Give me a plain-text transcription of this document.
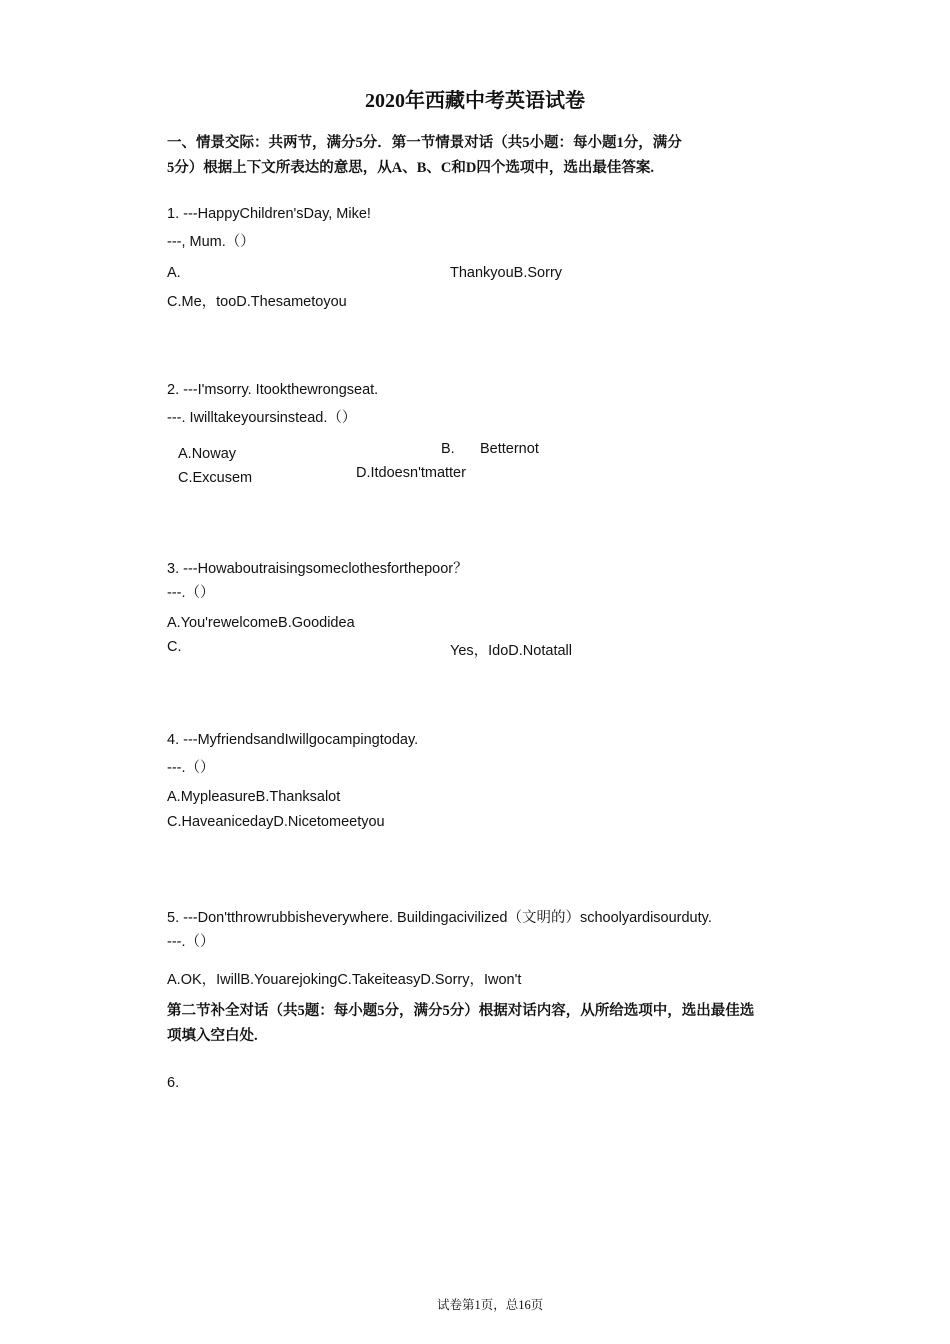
2020年西藏中考英语试卷
一、情景交际：共两节，满分5分．第一节情景对话（共5小题：每小题1分，满分
5分）根据上下文所表达的意思，从A、B、C和D四个选项中，选出最佳答案.
1. ---HappyChildren'sDay, Mike!
---, Mum.（）
A.	ThankyouB.Sorry
C.Me，tooD.Thesametoyou
2. ---I'msorry. Itookthewrongseat.
---. Iwilltakeyoursinstead.（）
A.Noway	B. Betternot
C.Excusem	D.Itdoesn'tmatter
3. ---Howaboutraisingsomeclothesforthepoor？
---.（）
A.You'rewelcomeB.Goodidea
C.	Yes，IdoD.Notatall
4. ---MyfriendsandIwillgocampingtoday.
---.（）
A.MypleasureB.Thanksalot
C.HaveanicedayD.Nicetomeetyou
5. ---Don'tthrowrubbisheverywhere. Buildingacivilized（文明的）schoolyardisourduty.
---.（）
A.OK，IwillB.YouarejokingC.TakeiteasyD.Sorry，Iwon't
第二节补全对话（共5题：每小题5分，满分5分）根据对话内容，从所给选项中，选出最佳选
项填入空白处.
6.
试卷第1页，总16页
